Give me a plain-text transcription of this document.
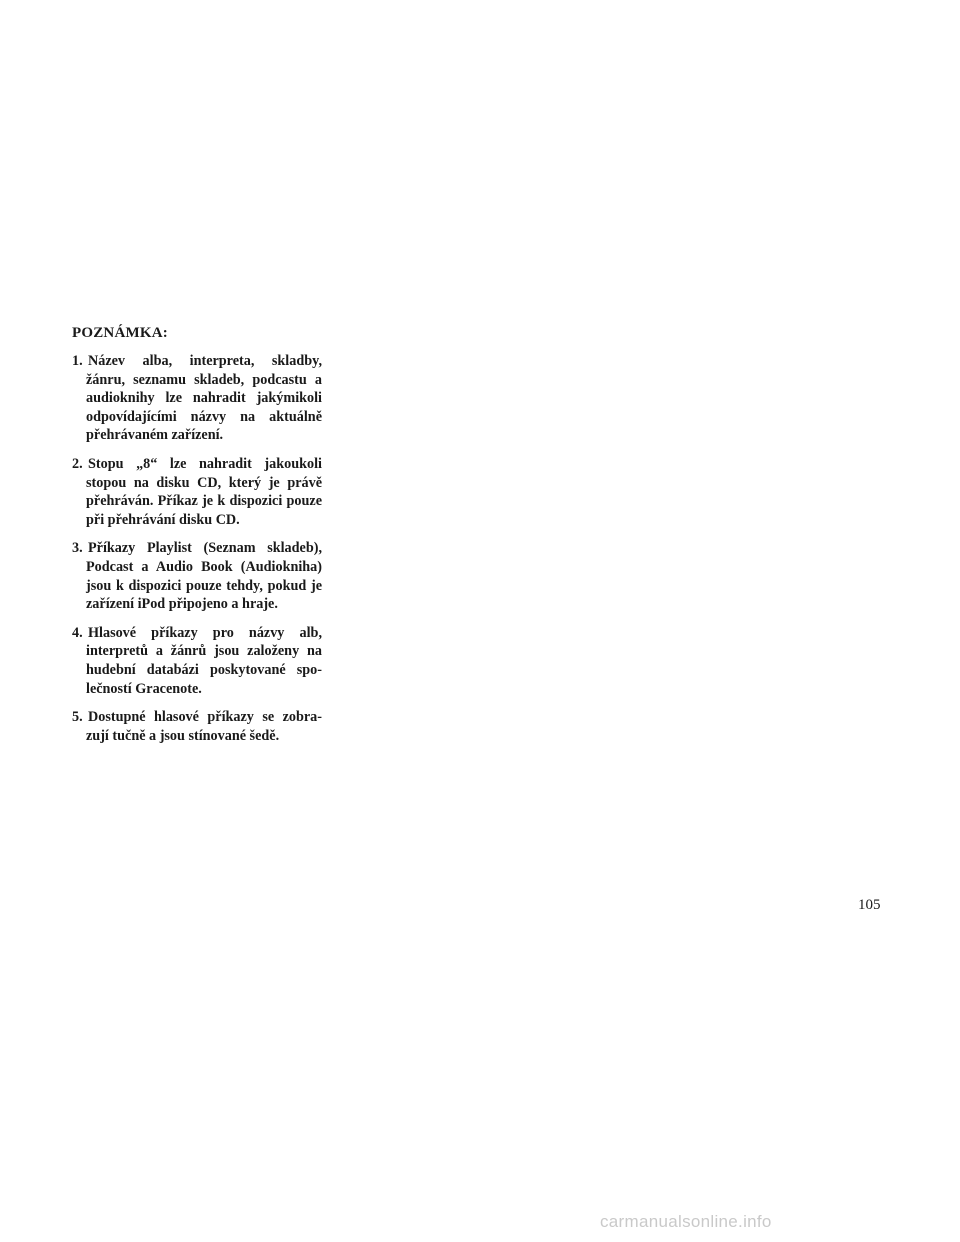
POZNÁMKA:
1. Název alba, interpreta, skladby, žánru, seznamu skladeb, podcastu a audioknihy lze nahradit jakýmikoli odpovídajícími názvy na aktuálně přehrávaném zařízení.
2. Stopu „8“ lze nahradit jakoukoli stopou na disku CD, který je právě přehráván. Příkaz je k dispozici pouze při přehrávání disku CD.
3. Příkazy Playlist (Seznam skladeb), Podcast a Audio Book (Audiokniha) jsou k dispozici pouze tehdy, pokud je zařízení iPod připojeno a hraje.
4. Hlasové příkazy pro názvy alb, interpretů a žánrů jsou založeny na hudební databázi poskytované spo-lečností Gracenote.
5. Dostupné hlasové příkazy se zobra-zují tučně a jsou stínované šedě.
105
carmanualsonline.info
